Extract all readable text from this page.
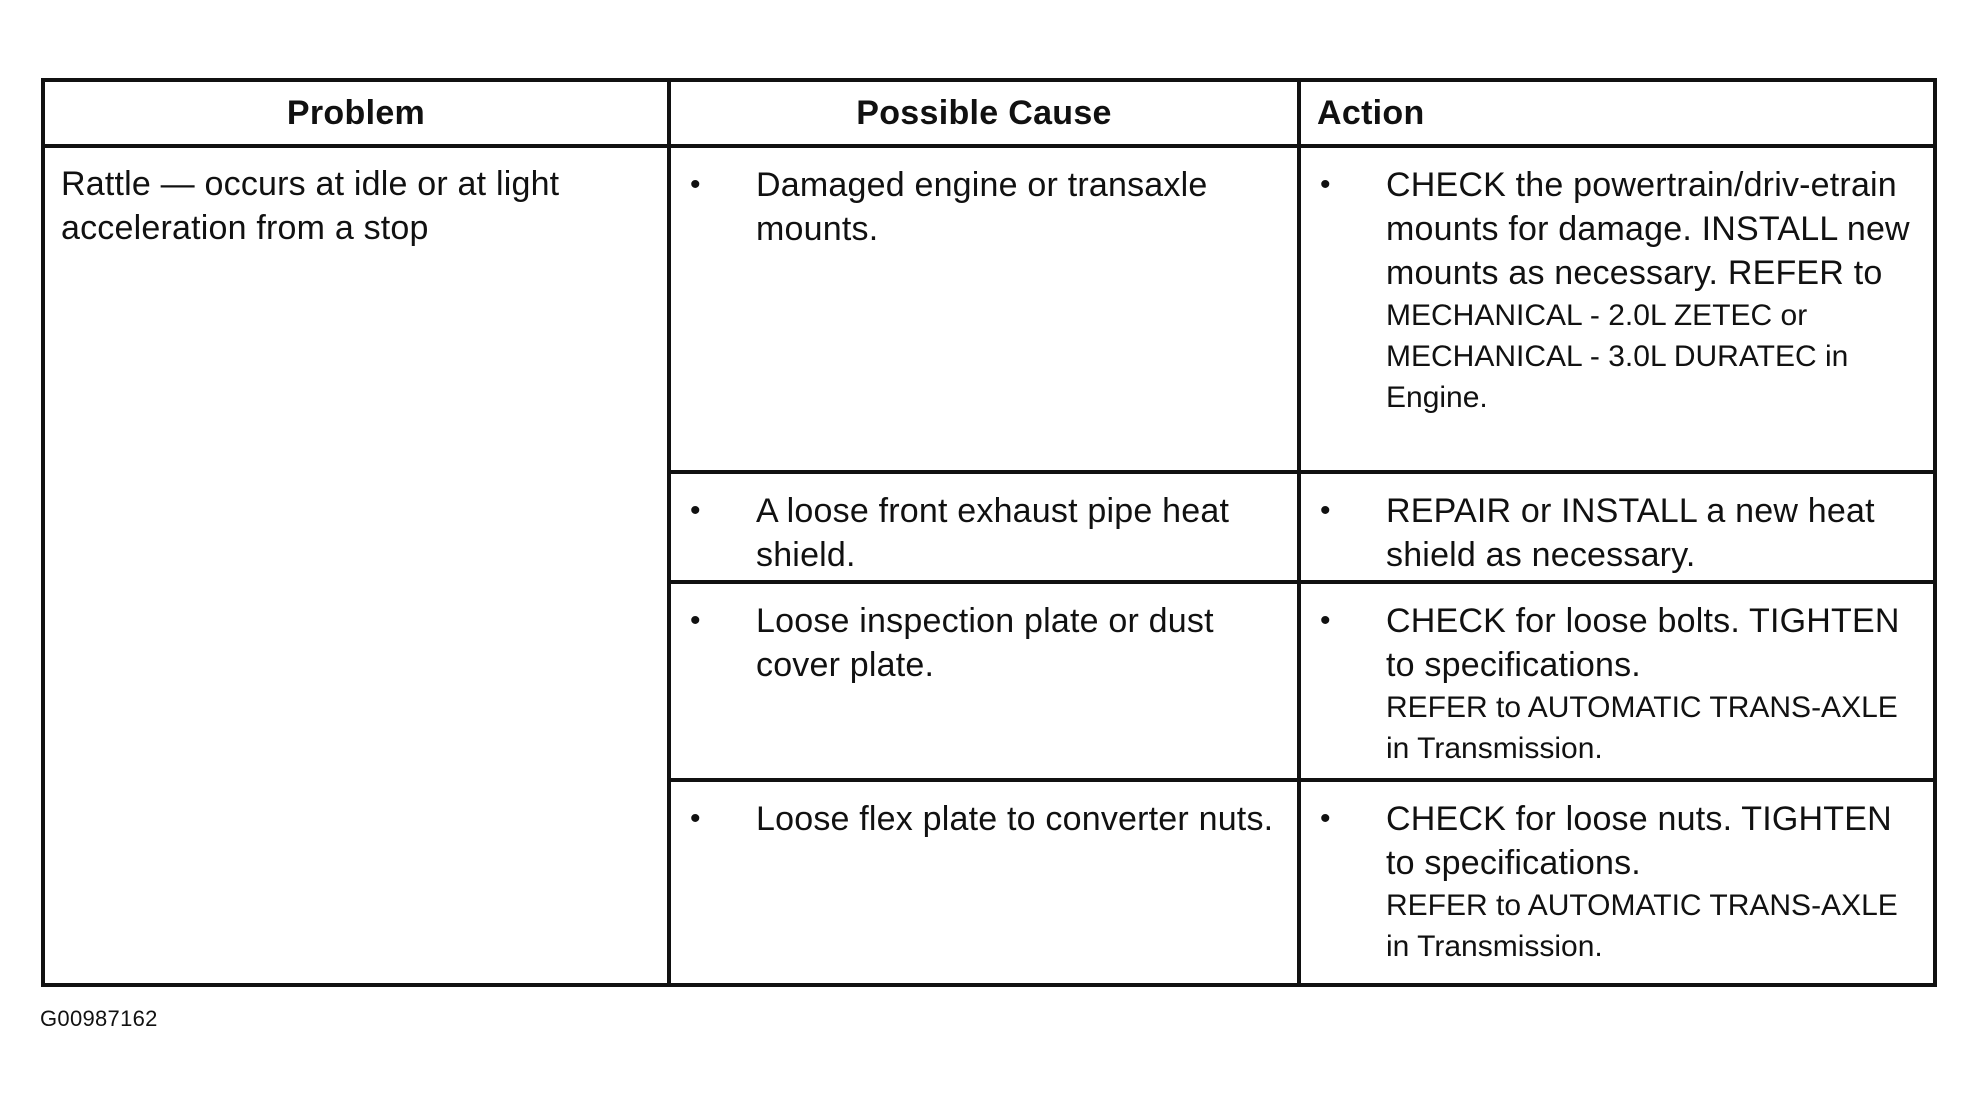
Problem	Possible Cause	Action
Rattle — occurs at idle or at light acceleration from a stop	• Damaged engine or transaxle mounts.	• CHECK the powertrain/driv-etrain mounts for damage. INSTALL new mounts as necessary. REFER to
MECHANICAL - 2.0L ZETEC or MECHANICAL - 3.0L DURATEC in Engine.

	• A loose front exhaust pipe heat shield.	• REPAIR or INSTALL a new heat shield as necessary.

	• Loose inspection plate or dust cover plate.	• CHECK for loose bolts. TIGHTEN to specifications.
REFER to AUTOMATIC TRANS-AXLE in Transmission.

	• Loose flex plate to converter nuts.	• CHECK for loose nuts. TIGHTEN to specifications.
REFER to AUTOMATIC TRANS-AXLE in Transmission.
G00987162
